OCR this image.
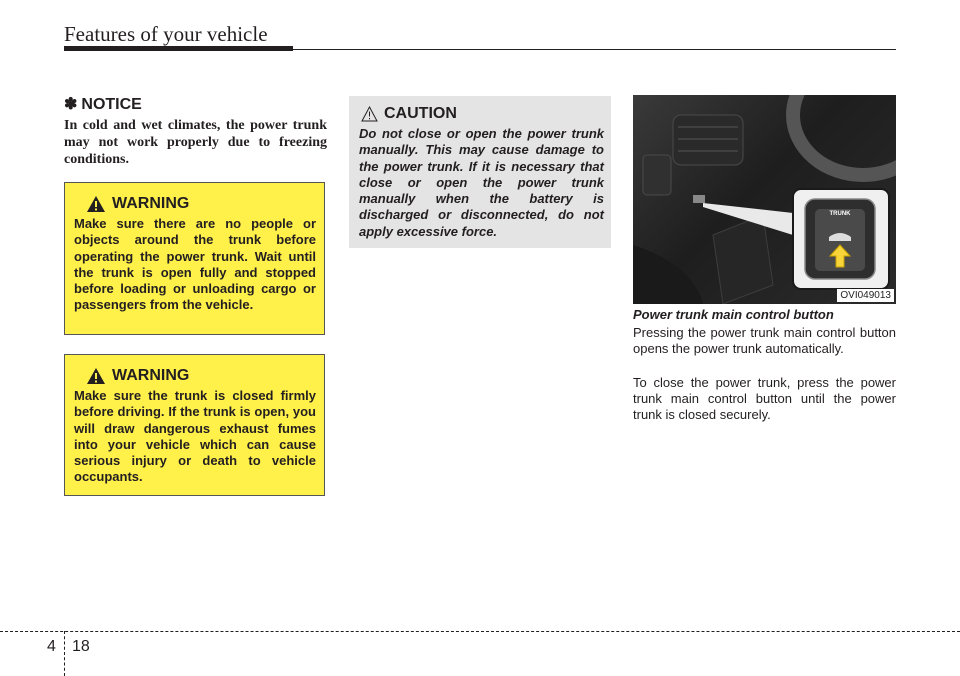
Features of your vehicle
✽ NOTICE
In cold and wet climates, the power trunk may not work properly due to freezing conditions.
WARNING
Make sure there are no people or objects around the trunk before operating the power trunk. Wait until the trunk is open fully and stopped before loading or unloading cargo or passengers from the vehicle.
WARNING
Make sure the trunk is closed firmly before driving. If the trunk is open, you will draw dangerous exhaust fumes into your vehicle which can cause serious injury or death to vehicle occupants.
CAUTION
Do not close or open the power trunk manually. This may cause damage to the power trunk. If it is necessary that close or open the power trunk manually when the battery is discharged or disconnected, do not apply excessive force.
TRUNK
OVI049013
Power trunk main control button
Pressing the power trunk main control button opens the power trunk automatically.
To close the power trunk, press the power trunk main control button until the power trunk is closed securely.
4 18
